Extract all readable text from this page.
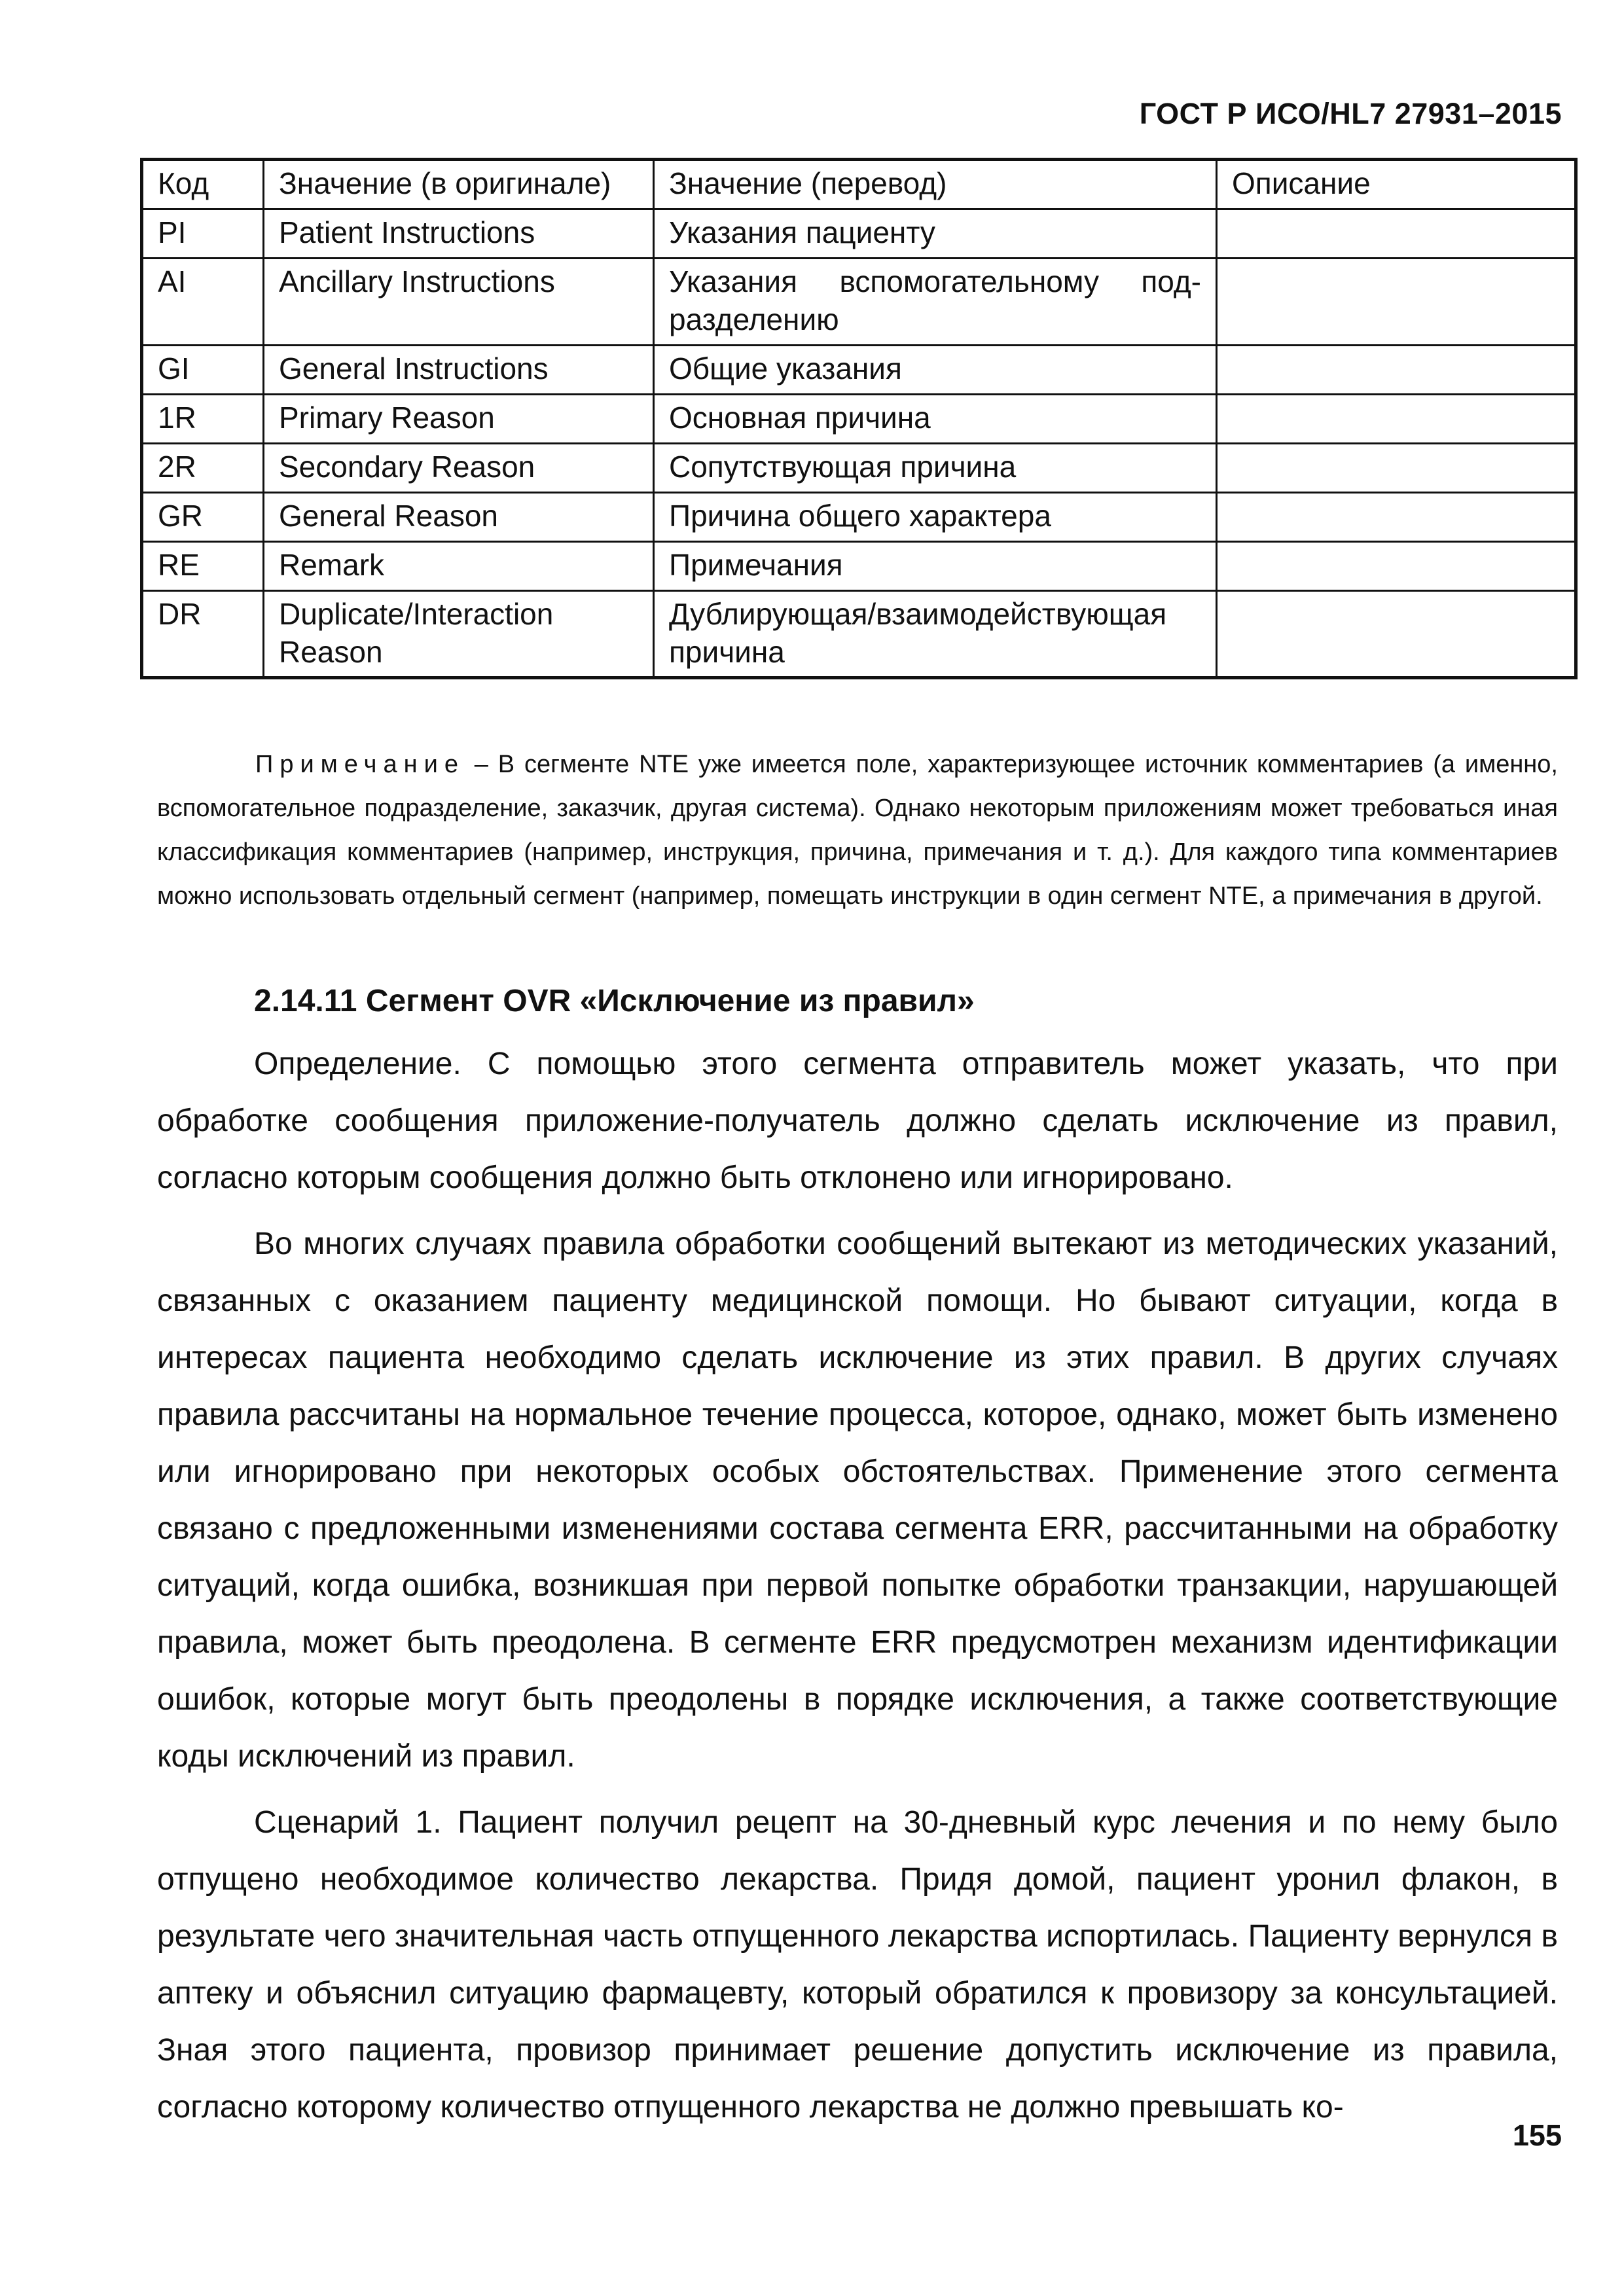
ГОСТ Р ИСО/HL7 27931–2015
Код	Значение (в оригинале)	Значение (перевод)	Описание
PI	Patient Instructions	Указания пациенту	
AI	Ancillary Instructions	Указания вспомогательному под-разделению	
GI	General Instructions	Общие указания	
1R	Primary Reason	Основная причина	
2R	Secondary Reason	Сопутствующая причина	
GR	General Reason	Причина общего характера	
RE	Remark	Примечания	
DR	Duplicate/Interaction Reason	Дублирующая/взаимодействующая причина	
Примечание – В сегменте NTE уже имеется поле, характеризующее источник комментариев (а именно, вспомогательное подразделение, заказчик, другая система). Однако некоторым приложениям может требоваться иная классификация комментариев (например, инструкция, причина, примечания и т. д.). Для каждого типа комментариев можно использовать отдельный сегмент (например, помещать инструкции в один сегмент NTE, а примечания в другой.
2.14.11 Сегмент OVR «Исключение из правил»

Определение. С помощью этого сегмента отправитель может указать, что при обработке сообщения приложение-получатель должно сделать исключение из правил, согласно которым сообщения должно быть отклонено или игнорировано.

Во многих случаях правила обработки сообщений вытекают из методических указаний, связанных с оказанием пациенту медицинской помощи. Но бывают ситуации, когда в интересах пациента необходимо сделать исключение из этих правил. В других случаях правила рассчитаны на нормальное течение процесса, которое, однако, может быть изменено или игнорировано при некоторых особых обстоятельствах. Применение этого сегмента связано с предложенными изменениями состава сегмента ERR, рассчитанными на обработку ситуаций, когда ошибка, возникшая при первой попытке обработки транзакции, нарушающей правила, может быть преодолена. В сегменте ERR предусмотрен механизм идентификации ошибок, которые могут быть преодолены в порядке исключения, а также соответствующие коды исключений из правил.

Сценарий 1. Пациент получил рецепт на 30-дневный курс лечения и по нему было отпущено необходимое количество лекарства. Придя домой, пациент уронил флакон, в результате чего значительная часть отпущенного лекарства испортилась. Пациенту вернулся в аптеку и объяснил ситуацию фармацевту, который обратился к провизору за консультацией. Зная этого пациента, провизор принимает решение допустить исключение из правила, согласно которому количество отпущенного лекарства не должно превышать ко-

155
